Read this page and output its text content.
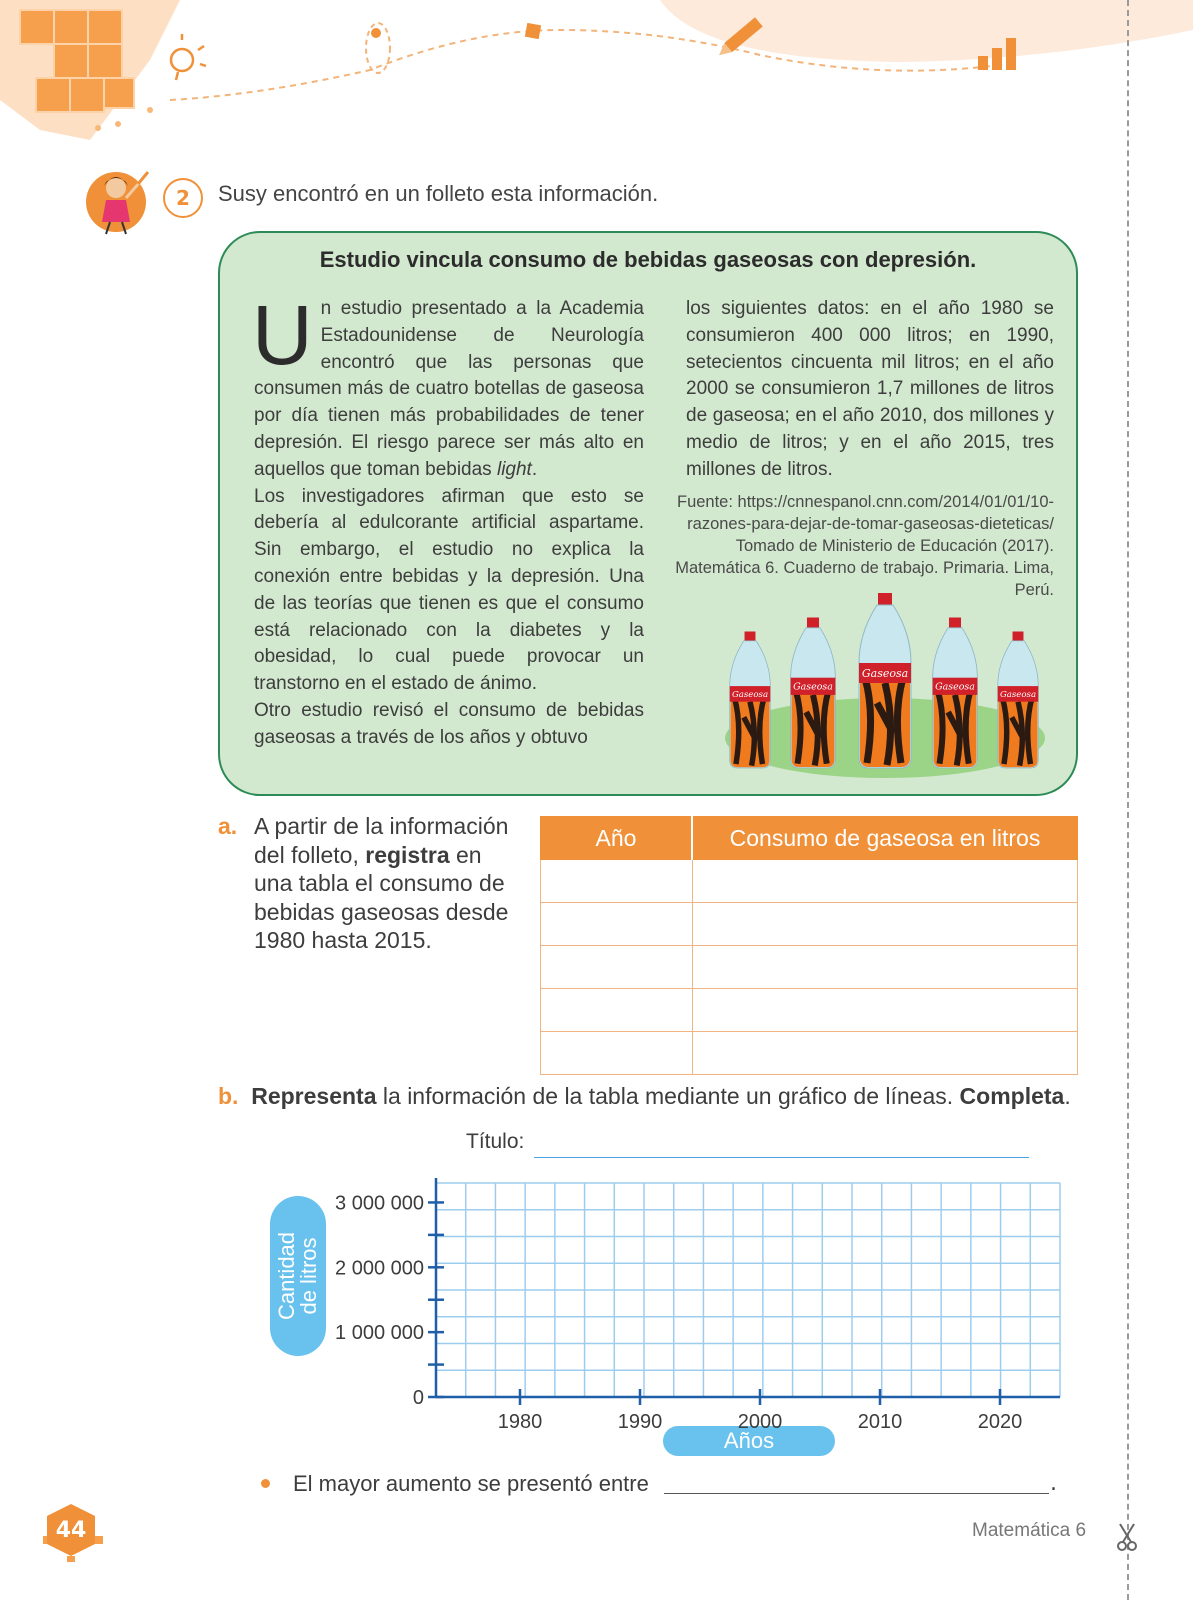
2	Susy encontró en un folleto esta información.
Estudio vincula consumo de bebidas gaseosas con depresión.
Un estudio presentado a la Academia Estadounidense de Neurología encontró que las personas que consumen más de cuatro botellas de gaseosa por día tienen más probabilidades de tener depresión. El riesgo parece ser más alto en aquellos que toman bebidas light.
Los investigadores afirman que esto se debería al edulcorante artificial aspartame. Sin embargo, el estudio no explica la conexión entre bebidas y la depresión. Una de las teorías que tienen es que el consumo está relacionado con la diabetes y la obesidad, lo cual puede provocar un transtorno en el estado de ánimo.
Otro estudio revisó el consumo de bebidas gaseosas a través de los años y obtuvo
los siguientes datos: en el año 1980 se consumieron 400 000 litros; en 1990, setecientos cincuenta mil litros; en el año 2000 se consumieron 1,7 millones de litros de gaseosa; en el año 2010, dos millones y medio de litros; y en el año 2015, tres millones de litros.
Fuente: https://cnnespanol.cnn.com/2014/01/01/10-razones-para-dejar-de-tomar-gaseosas-dieteticas/ Tomado de Ministerio de Educación (2017). Matemática 6. Cuaderno de trabajo. Primaria. Lima, Perú.
Gaseosa
Gaseosa
Gaseosa
Gaseosa
Gaseosa
a. A partir de la información del folleto, registra en una tabla el consumo de bebidas gaseosas desde 1980 hasta 2015.
Año	Consumo de gaseosa en litros

b. Representa la información de la tabla mediante un gráfico de líneas. Completa.
Título:
Cantidad
de litros
Años
0
1 000 000
2 000 000
3 000 000
1980	1990	2000	2010	2020
El mayor aumento se presentó entre	.
44	Matemática 6
